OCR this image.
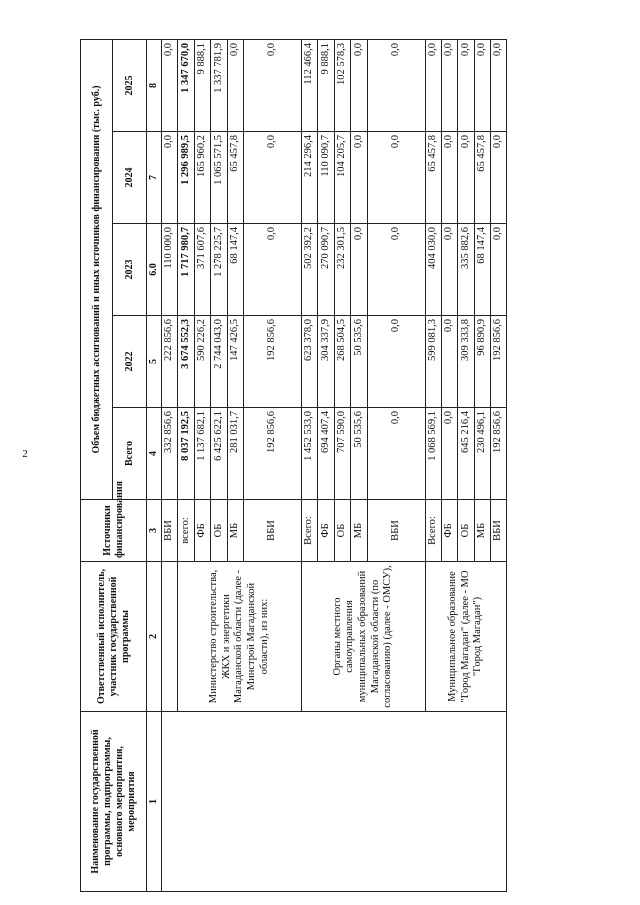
2
Наименование государственной программы, подпрограммы, основного мероприятия, мероприятия	Ответственный исполнитель, участник государственной программы	Источники финансирования	Объем бюджетных ассигнований и иных источников финансирования (тыс. руб.)				
			Всего	2022	2023	2024	2025
1	2	3	4	5	6.0	7	8
		ВБИ	332 856,6	222 856,6	110 000,0	0,0	0,0
	Министерство строительства, ЖКХ и энергетики Магаданской области (далее - Минстрой Магаданской области), из них:	всего:	8 037 192,5	3 674 552,3	1 717 980,7	1 296 989,5	1 347 670,0
		ФБ	1 137 682,1	590 226,2	371 607,6	165 960,2	9 888,1
		ОБ	6 425 622,1	2 744 043,0	1 278 225,7	1 065 571,5	1 337 781,9
		МБ	281 031,7	147 426,5	68 147,4	65 457,8	0,0
		ВБИ	192 856,6	192 856,6	0,0	0,0	0,0
	Органы местного самоуправления муниципальных образований Магаданской области (по согласованию) (далее - ОМСУ),	Всего:	1 452 533,0	623 378,0	502 392,2	214 296,4	112 466,4
		ФБ	694 407,4	304 337,9	270 090,7	110 090,7	9 888,1
		ОБ	707 590,0	268 504,5	232 301,5	104 205,7	102 578,3
		МБ	50 535,6	50 535,6	0,0	0,0	0,0
		ВБИ	0,0	0,0	0,0	0,0	0,0
	Муниципальное образование "Город Магадан" (далее - МО "Город Магадан")	Всего:	1 068 569,1	599 081,3	404 030,0	65 457,8	0,0
		ФБ	0,0	0,0	0,0	0,0	0,0
		ОБ	645 216,4	309 333,8	335 882,6	0,0	0,0
		МБ	230 496,1	96 890,9	68 147,4	65 457,8	0,0
		ВБИ	192 856,6	192 856,6	0,0	0,0	0,0
